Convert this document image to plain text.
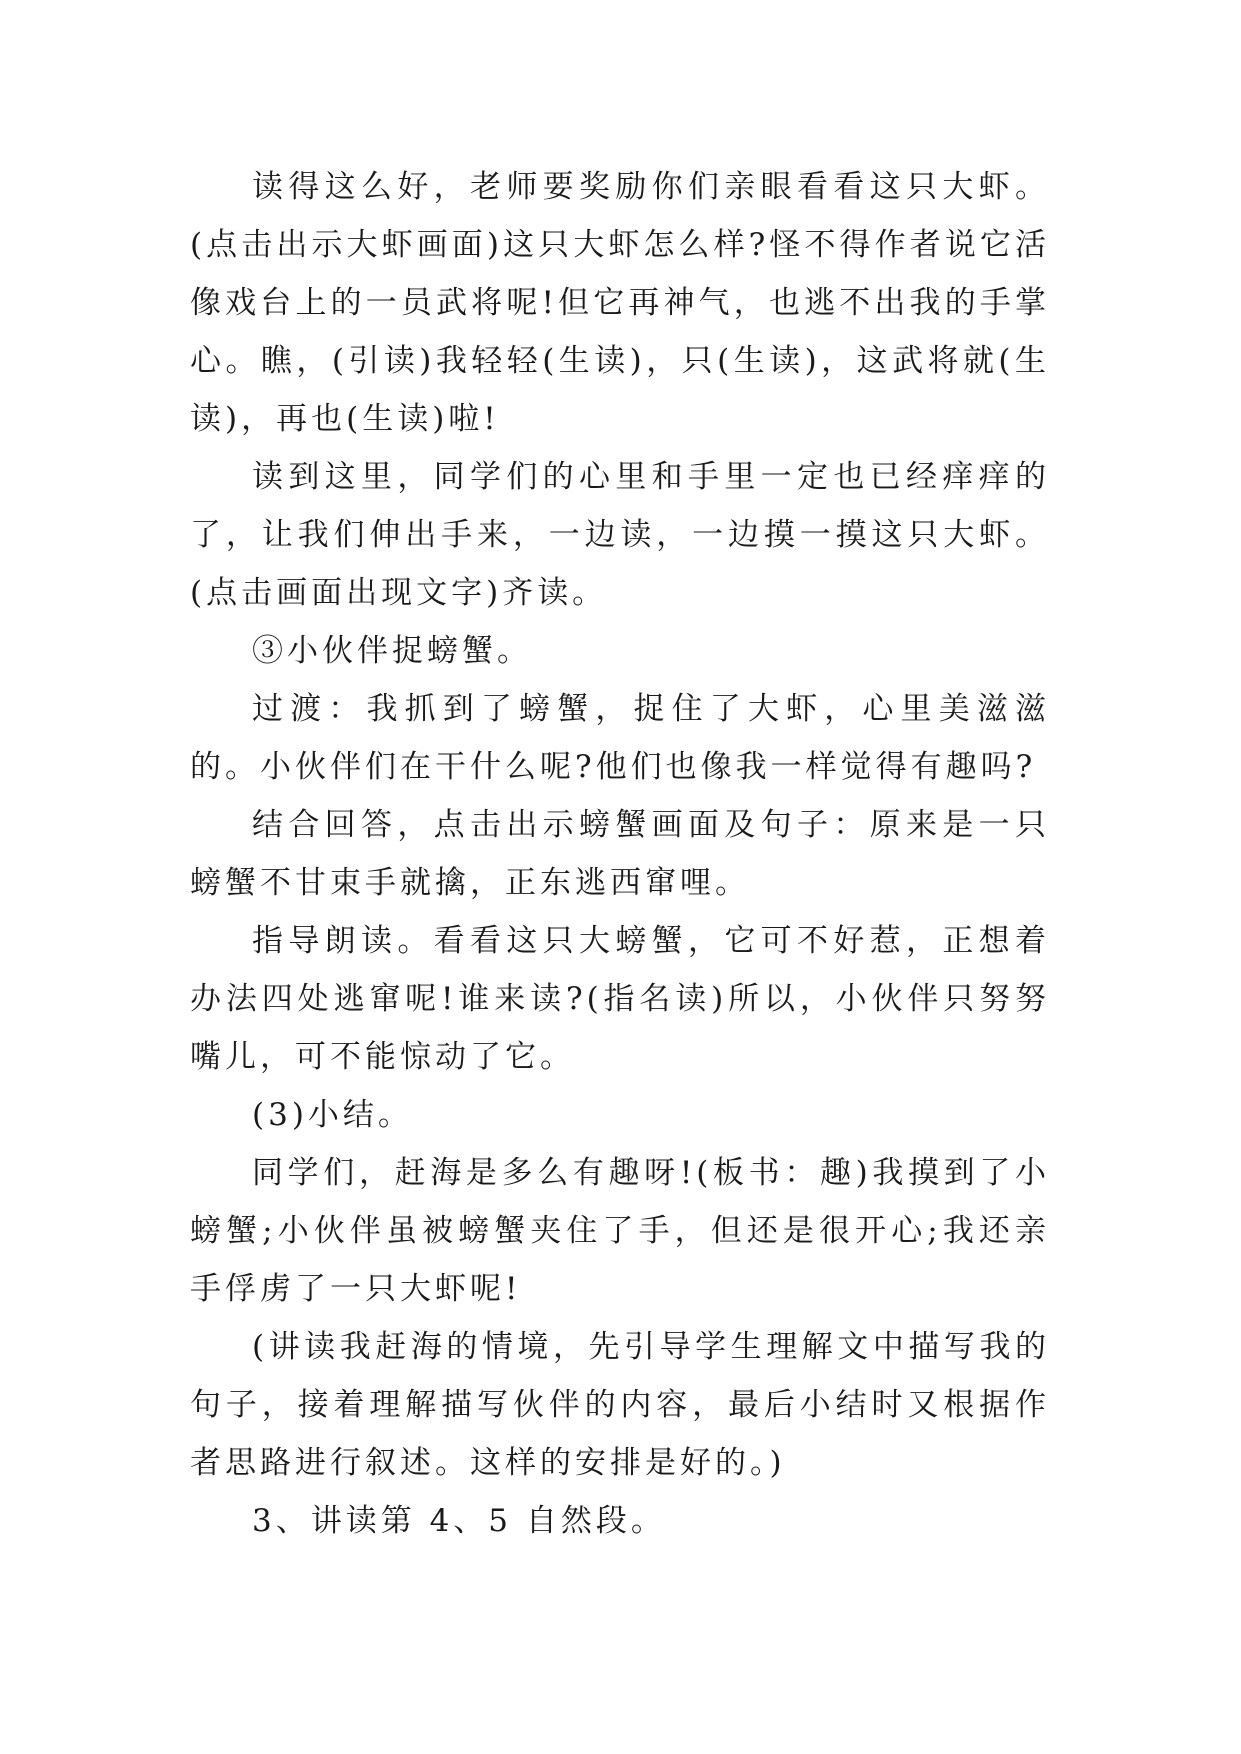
读得这么好，老师要奖励你们亲眼看看这只大虾。(点击出示大虾画面)这只大虾怎么样?怪不得作者说它活像戏台上的一员武将呢!但它再神气，也逃不出我的手掌心。瞧，(引读)我轻轻(生读)，只(生读)，这武将就(生读)，再也(生读)啦!

读到这里，同学们的心里和手里一定也已经痒痒的了，让我们伸出手来，一边读，一边摸一摸这只大虾。(点击画面出现文字)齐读。

③小伙伴捉螃蟹。

过渡：我抓到了螃蟹，捉住了大虾，心里美滋滋的。小伙伴们在干什么呢?他们也像我一样觉得有趣吗?

结合回答，点击出示螃蟹画面及句子：原来是一只螃蟹不甘束手就擒，正东逃西窜哩。

指导朗读。看看这只大螃蟹，它可不好惹，正想着办法四处逃窜呢!谁来读?(指名读)所以，小伙伴只努努嘴儿，可不能惊动了它。

(3)小结。

同学们，赶海是多么有趣呀!(板书：趣)我摸到了小螃蟹;小伙伴虽被螃蟹夹住了手，但还是很开心;我还亲手俘虏了一只大虾呢!

(讲读我赶海的情境，先引导学生理解文中描写我的句子，接着理解描写伙伴的内容，最后小结时又根据作者思路进行叙述。这样的安排是好的。)

3、讲读第 4、5 自然段。
